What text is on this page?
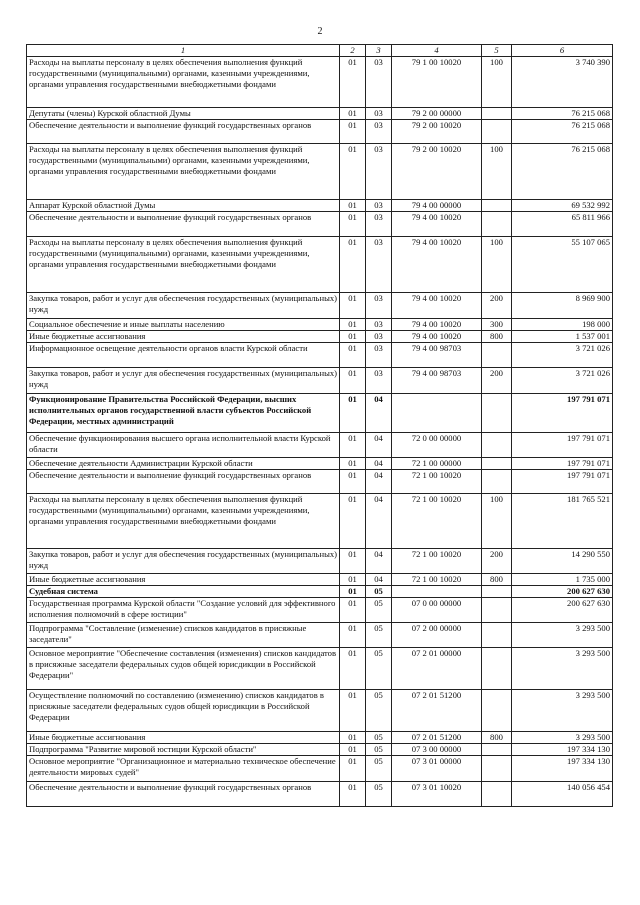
2
1	2	3	4	5	6
Расходы на выплаты персоналу в целях обеспечения выполнения функций государственными (муниципальными) органами, казенными учреждениями, органами управления государственными внебюджетными фондами	01	03	79 1 00 10020	100	3 740 390
Депутаты (члены) Курской областной Думы	01	03	79 2 00 00000		76 215 068
Обеспечение деятельности и выполнение функций государственных органов	01	03	79 2 00 10020		76 215 068
Расходы на выплаты персоналу в целях обеспечения выполнения функций государственными (муниципальными) органами, казенными учреждениями, органами управления государственными внебюджетными фондами	01	03	79 2 00 10020	100	76 215 068
Аппарат Курской областной Думы	01	03	79 4 00 00000		69 532 992
Обеспечение деятельности и выполнение функций государственных органов	01	03	79 4 00 10020		65 811 966
Расходы на выплаты персоналу в целях обеспечения выполнения функций государственными (муниципальными) органами, казенными учреждениями, органами управления государственными внебюджетными фондами	01	03	79 4 00 10020	100	55 107 065
Закупка товаров, работ и услуг для обеспечения государственных (муниципальных) нужд	01	03	79 4 00 10020	200	8 969 900
Социальное обеспечение и иные выплаты населению	01	03	79 4 00 10020	300	198 000
Иные бюджетные ассигнования	01	03	79 4 00 10020	800	1 537 001
Информационное освещение деятельности органов власти Курской области	01	03	79 4 00 98703		3 721 026
Закупка товаров, работ и услуг для обеспечения государственных (муниципальных) нужд	01	03	79 4 00 98703	200	3 721 026
Функционирование Правительства Российской Федерации, высших исполнительных органов государственной власти субъектов Российской Федерации, местных администраций	01	04			197 791 071
Обеспечение функционирования высшего органа исполнительной власти Курской области	01	04	72 0 00 00000		197 791 071
Обеспечение деятельности Администрации Курской области	01	04	72 1 00 00000		197 791 071
Обеспечение деятельности и выполнение функций государственных органов	01	04	72 1 00 10020		197 791 071
Расходы на выплаты персоналу в целях обеспечения выполнения функций государственными (муниципальными) органами, казенными учреждениями, органами управления государственными внебюджетными фондами	01	04	72 1 00 10020	100	181 765 521
Закупка товаров, работ и услуг для обеспечения государственных (муниципальных) нужд	01	04	72 1 00 10020	200	14 290 550
Иные бюджетные ассигнования	01	04	72 1 00 10020	800	1 735 000
Судебная система	01	05			200 627 630
Государственная программа Курской области "Создание условий для эффективного исполнения полномочий в сфере юстиции"	01	05	07 0 00 00000		200 627 630
Подпрограмма "Составление (изменение) списков кандидатов в присяжные заседатели"	01	05	07 2 00 00000		3 293 500
Основное мероприятие "Обеспечение составления (изменения) списков кандидатов в присяжные заседатели федеральных судов общей юрисдикции в Российской Федерации"	01	05	07 2 01 00000		3 293 500
Осуществление полномочий по составлению (изменению) списков кандидатов в присяжные заседатели федеральных судов общей юрисдикции в Российской Федерации	01	05	07 2 01 51200		3 293 500
Иные бюджетные ассигнования	01	05	07 2 01 51200	800	3 293 500
Подпрограмма "Развитие мировой юстиции Курской области"	01	05	07 3 00 00000		197 334 130
Основное мероприятие "Организационное и материально техническое обеспечение деятельности мировых судей"	01	05	07 3 01 00000		197 334 130
Обеспечение деятельности и выполнение функций государственных органов	01	05	07 3 01 10020		140 056 454
